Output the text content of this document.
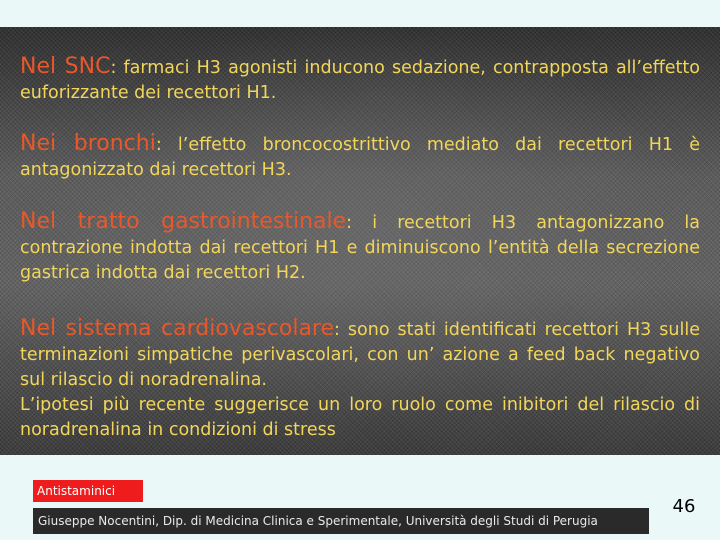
Nel SNC: farmaci H3 agonisti inducono sedazione, contrapposta all’effetto euforizzante dei recettori H1.
Nei bronchi: l’effetto broncocostrittivo mediato dai recettori H1 è antagonizzato dai recettori H3.
Nel tratto gastrointestinale: i recettori H3 antagonizzano la contrazione indotta dai recettori H1 e diminuiscono l’entità della secrezione gastrica indotta dai recettori H2.
Nel sistema cardiovascolare: sono stati identificati recettori H3 sulle terminazioni simpatiche perivascolari, con un’ azione a feed back negativo sul rilascio di noradrenalina.
L’ipotesi più recente suggerisce un loro ruolo come inibitori del rilascio di noradrenalina in condizioni di stress
Antistaminici
Giuseppe Nocentini, Dip. di Medicina Clinica e Sperimentale, Università degli Studi di Perugia
46
